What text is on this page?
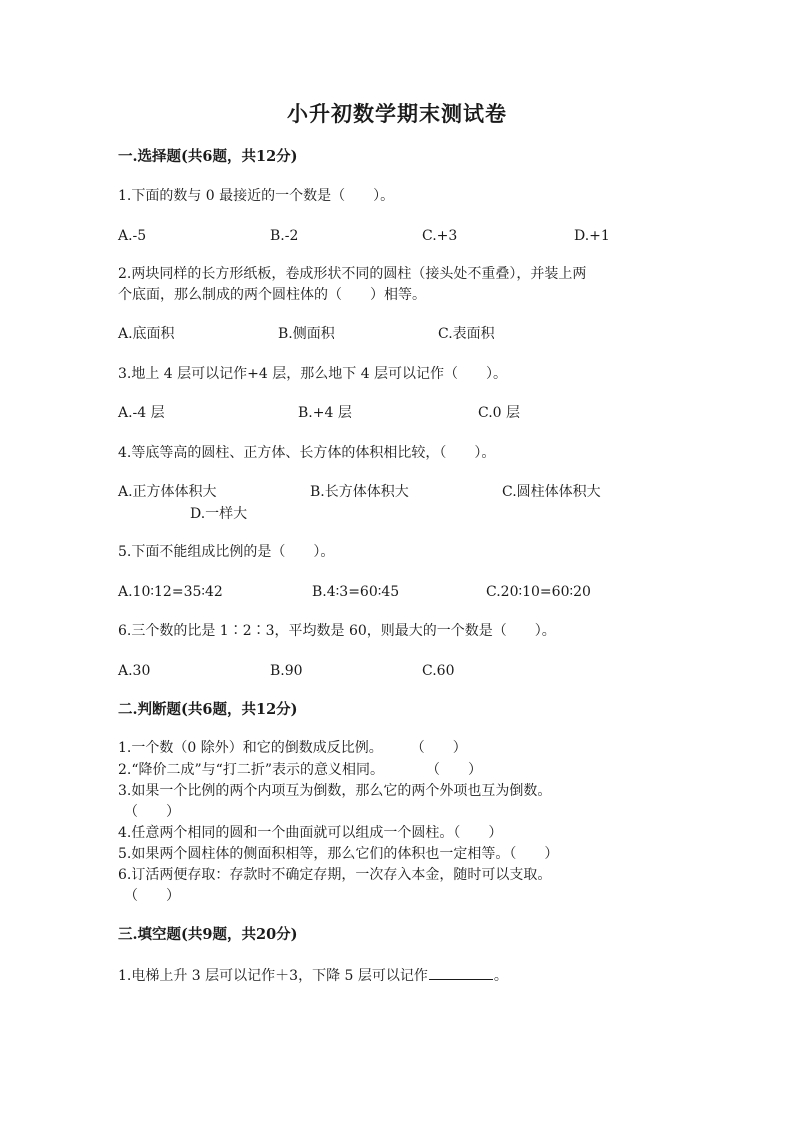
小升初数学期末测试卷
一.选择题(共6题，共12分)
1.下面的数与 0 最接近的一个数是（　　）。
A.-5	B.-2	C.+3	D.+1
2.两块同样的长方形纸板，卷成形状不同的圆柱（接头处不重叠），并装上两
个底面，那么制成的两个圆柱体的（　　）相等。
A.底面积	B.侧面积	C.表面积
3.地上 4 层可以记作+4 层，那么地下 4 层可以记作（　　）。
A.-4 层	B.+4 层	C.0 层
4.等底等高的圆柱、正方体、长方体的体积相比较，（　　）。
A.正方体体积大	B.长方体体积大	C.圆柱体体积大
D.一样大
5.下面不能组成比例的是（　　）。
A.10∶12=35∶42	B.4∶3=60∶45	C.20∶10=60∶20
6.三个数的比是 1∶2∶3，平均数是 60，则最大的一个数是（　　）。
A.30	B.90	C.60
二.判断题(共6题，共12分)
1.一个数（0 除外）和它的倒数成反比例。　　　（　　）
2.“降价二成”与“打二折”表示的意义相同。　　　　（　　）
3.如果一个比例的两个内项互为倒数，那么它的两个外项也互为倒数。
（　　）
4.任意两个相同的圆和一个曲面就可以组成一个圆柱。（　　）
5.如果两个圆柱体的侧面积相等，那么它们的体积也一定相等。（　　）
6.订活两便存取：存款时不确定存期，一次存入本金，随时可以支取。
（　　）
三.填空题(共9题，共20分)
1.电梯上升 3 层可以记作＋3，下降 5 层可以记作	。
